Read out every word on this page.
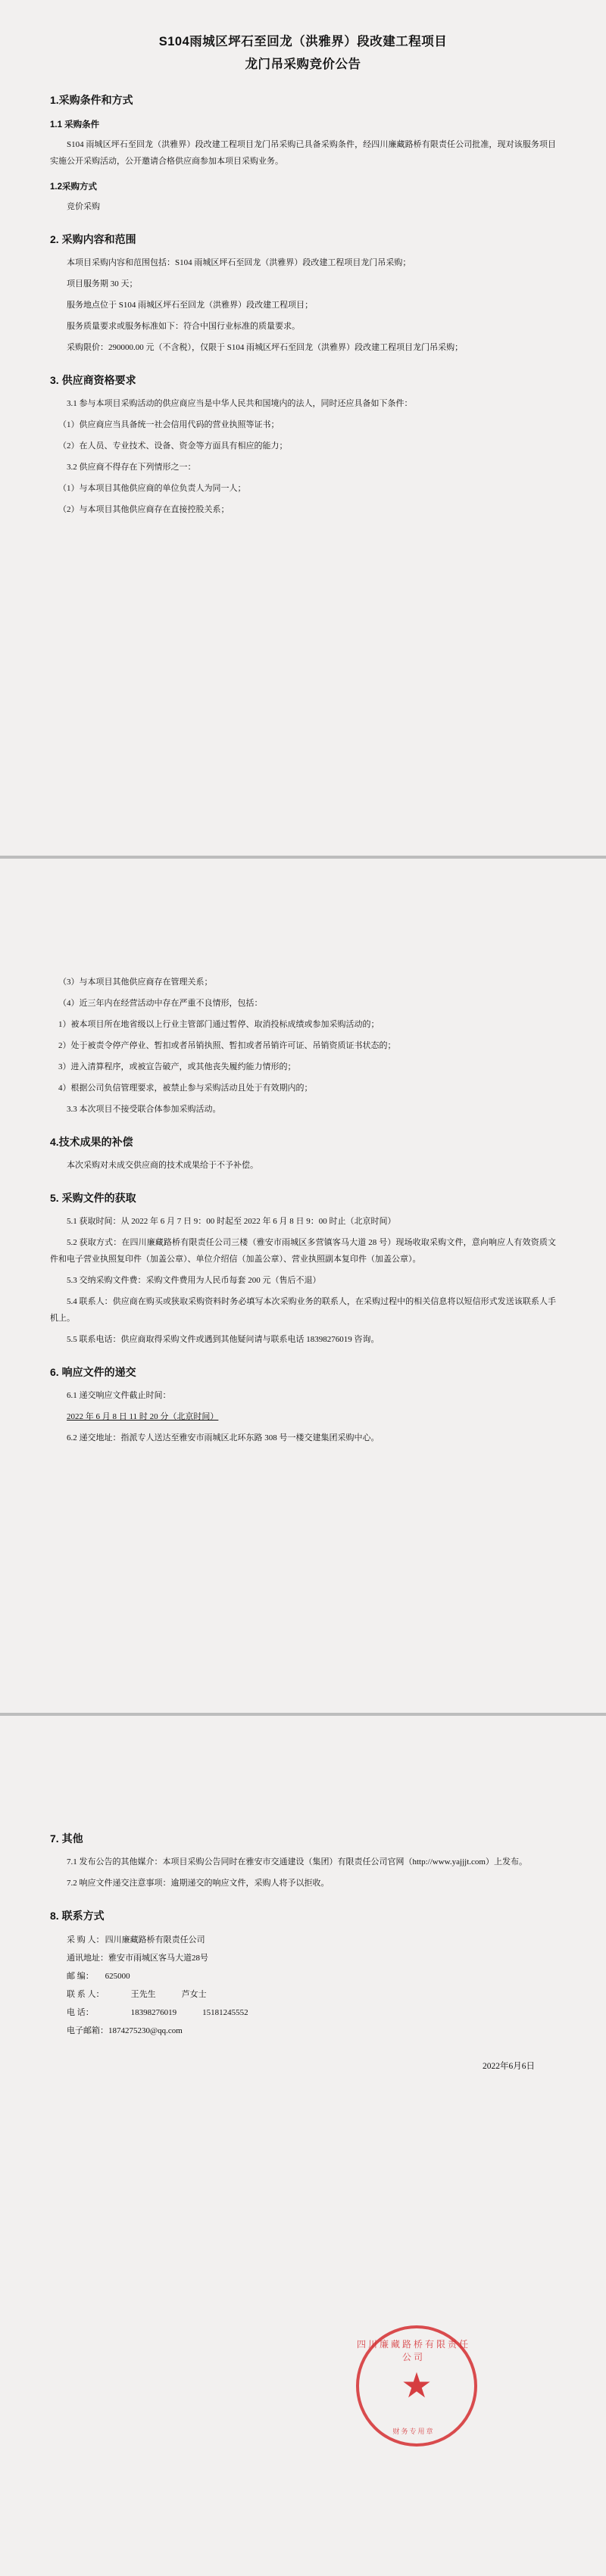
S104雨城区坪石至回龙（洪雅界）段改建工程项目
龙门吊采购竞价公告
1.采购条件和方式
1.1 采购条件

S104 雨城区坪石至回龙（洪雅界）段改建工程项目龙门吊采购已具备采购条件，经四川廉藏路桥有限责任公司批准，现对该服务项目实施公开采购活动，公开邀请合格供应商参加本项目采购业务。

1.2采购方式

竞价采购

2. 采购内容和范围

本项目采购内容和范围包括：S104 雨城区坪石至回龙（洪雅界）段改建工程项目龙门吊采购；

项目服务期 30 天；

服务地点位于 S104 雨城区坪石至回龙（洪雅界）段改建工程项目；

服务质量要求或服务标准如下：符合中国行业标准的质量要求。

采购限价：290000.00 元（不含税），仅限于 S104 雨城区坪石至回龙（洪雅界）段改建工程项目龙门吊采购；

3. 供应商资格要求

3.1 参与本项目采购活动的供应商应当是中华人民共和国境内的法人，同时还应具备如下条件：

（1）供应商应当具备统一社会信用代码的营业执照等证书；

（2）在人员、专业技术、设备、资金等方面具有相应的能力；

3.2 供应商不得存在下列情形之一：

（1）与本项目其他供应商的单位负责人为同一人；

（2）与本项目其他供应商存在直接控股关系；

（3）与本项目其他供应商存在管理关系；

（4）近三年内在经营活动中存在严重不良情形，包括：

1）被本项目所在地省级以上行业主管部门通过暂停、取消投标成绩或参加采购活动的；

2）处于被责令停产停业、暂扣或者吊销执照、暂扣或者吊销许可证、吊销资质证书状态的；

3）进入清算程序，或被宣告破产，或其他丧失履约能力情形的；

4）根据公司负信管理要求，被禁止参与采购活动且处于有效期内的；

3.3 本次项目不接受联合体参加采购活动。

4.技术成果的补偿

本次采购对未成交供应商的技术成果给于不予补偿。

5. 采购文件的获取

5.1 获取时间：从 2022 年 6 月 7 日 9：00 时起至 2022 年 6 月 8 日 9：00 时止（北京时间）

5.2 获取方式：在四川廉藏路桥有限责任公司三楼（雅安市雨城区多营镇客马大道 28 号）现场收取采购文件，意向响应人有效资质文件和电子营业执照复印件（加盖公章）、单位介绍信（加盖公章）、营业执照副本复印件（加盖公章）。

5.3 交纳采购文件费：采购文件费用为人民币每套 200 元（售后不退）

5.4 联系人：供应商在购买或狭取采购资料时务必填写本次采购业务的联系人，在采购过程中的相关信息将以短信形式发送该联系人手机上。

5.5 联系电话：供应商取得采购文件或遇到其他疑问请与联系电话 18398276019 咨询。

6. 响应文件的递交

6.1 递交响应文件截止时间：

2022 年 6 月 8 日 11 时 20 分（北京时间）

6.2 递交地址：指派专人送达至雅安市雨城区北环东路 308 号一楼交建集团采购中心。

7. 其他

7.1 发布公告的其他媒介：本项目采购公告同时在雅安市交通建设（集团）有限责任公司官网（http://www.yajjjt.com）上发布。

7.2 响应文件递交注意事项：逾期递交的响应文件，采购人将予以拒收。

8. 联系方式
采 购 人：四川廉藏路桥有限责任公司
通讯地址：雅安市雨城区客马大道28号
邮 编： 625000
联 系 人：	王先生	芦女士
电 话：	18398276019	15181245552
电子邮箱：1874275230@qq.com
四川廉藏路桥有限责任公司
★
财务专用章
2022年6月6日
